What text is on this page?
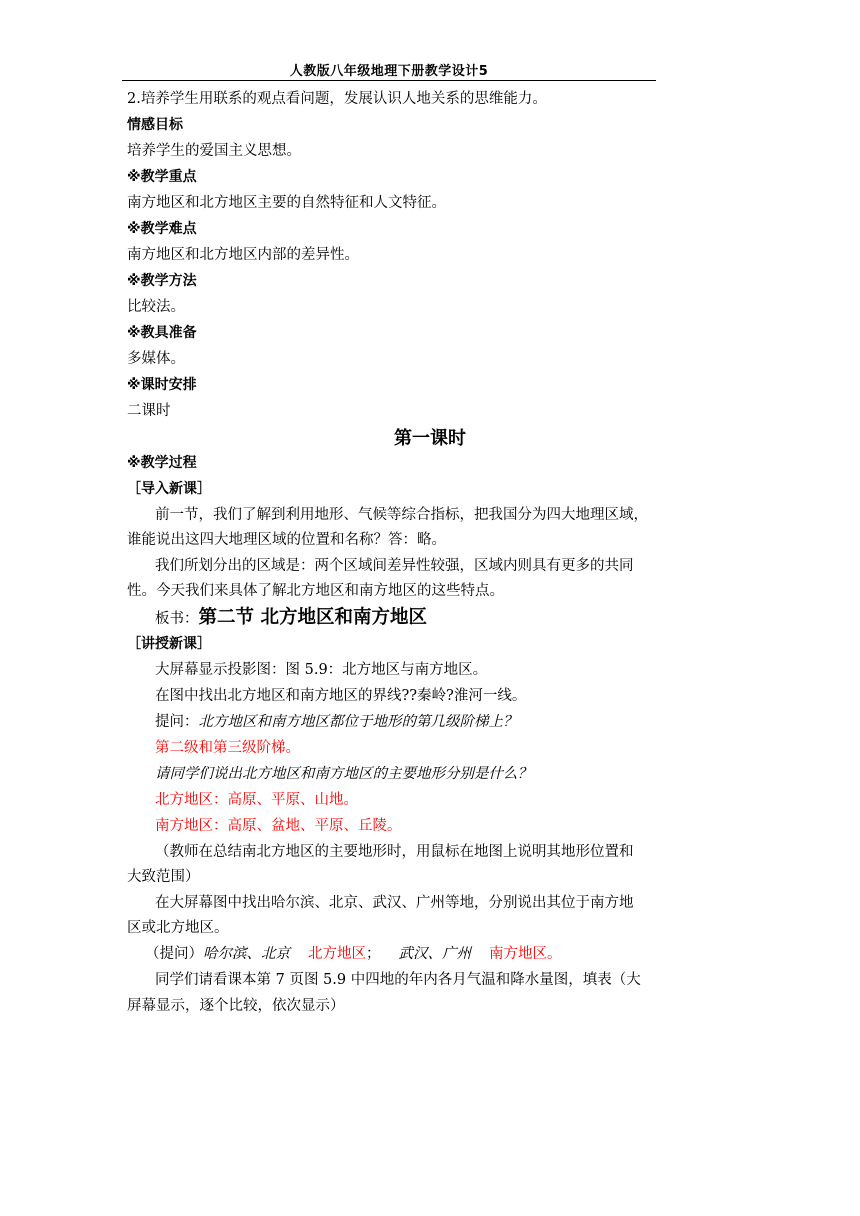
人教版八年级地理下册教学设计5
2.培养学生用联系的观点看问题，发展认识人地关系的思维能力。
情感目标
培养学生的爱国主义思想。
※教学重点
南方地区和北方地区主要的自然特征和人文特征。
※教学难点
南方地区和北方地区内部的差异性。
※教学方法
比较法。
※教具准备
多媒体。
※课时安排
二课时
第一课时
※教学过程
［导入新课］
前一节，我们了解到利用地形、气候等综合指标，把我国分为四大地理区域，
谁能说出这四大地理区域的位置和名称？答：略。
我们所划分出的区域是：两个区域间差异性较强，区域内则具有更多的共同
性。今天我们来具体了解北方地区和南方地区的这些特点。
板书：第二节 北方地区和南方地区
［讲授新课］
大屏幕显示投影图：图 5.9：北方地区与南方地区。
在图中找出北方地区和南方地区的界线??秦岭?淮河一线。
提问：北方地区和南方地区都位于地形的第几级阶梯上？
第二级和第三级阶梯。
请同学们说出北方地区和南方地区的主要地形分别是什么？
北方地区：高原、平原、山地。
南方地区：高原、盆地、平原、丘陵。
（教师在总结南北方地区的主要地形时，用鼠标在地图上说明其地形位置和
大致范围）
在大屏幕图中找出哈尔滨、北京、武汉、广州等地，分别说出其位于南方地
区或北方地区。
（提问）哈尔滨、北京 北方地区； 武汉、广州 南方地区。
同学们请看课本第 7 页图 5.9 中四地的年内各月气温和降水量图，填表（大
屏幕显示，逐个比较，依次显示）
